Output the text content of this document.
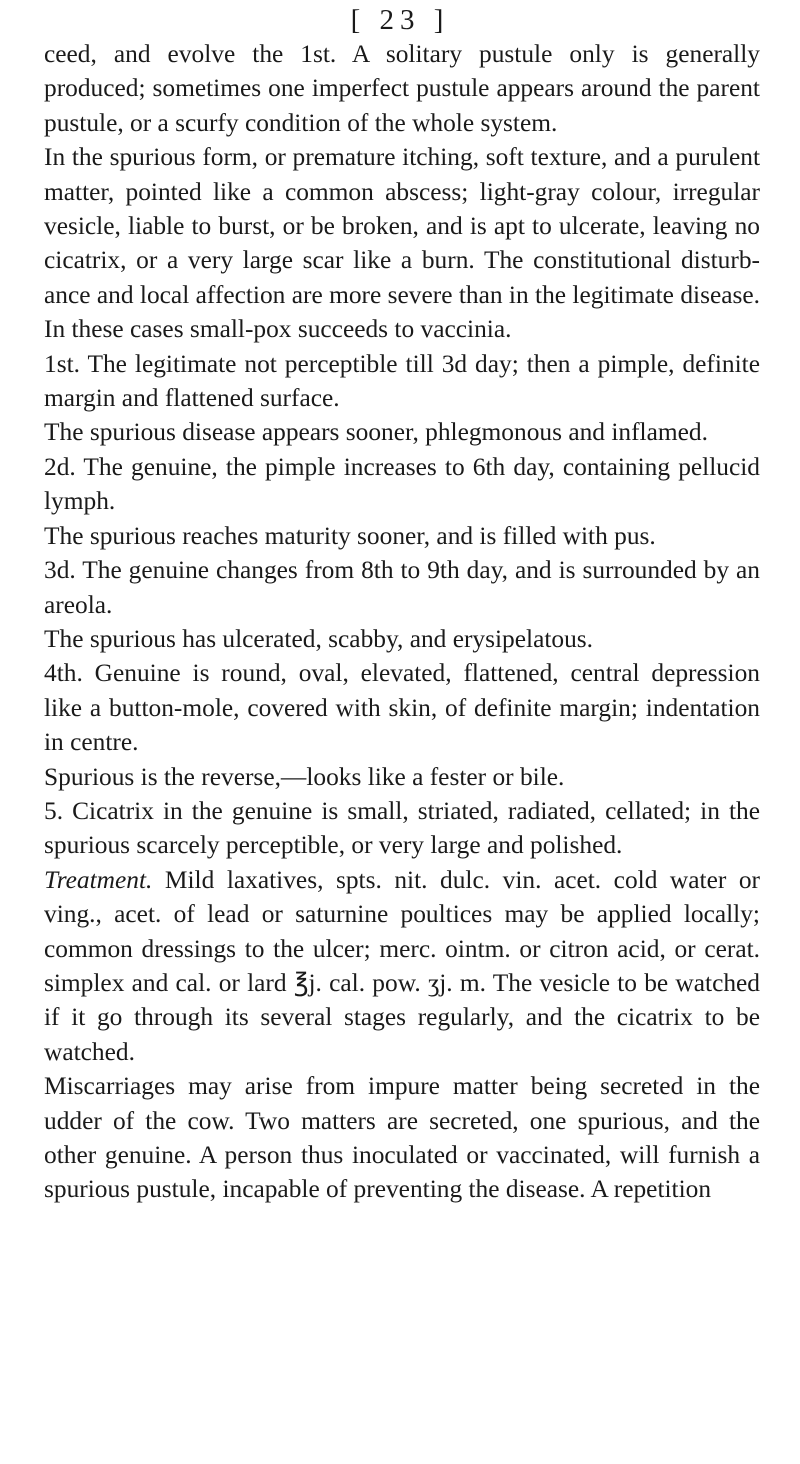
[ 23 ]

ceed, and evolve the 1st. A solitary pustule only is generally produced; sometimes one imperfect pustule appears around the parent pustule, or a scurfy condition of the whole system.

In the spurious form, or premature itching, soft texture, and a purulent matter, pointed like a common abscess; light-gray colour, irregular vesicle, liable to burst, or be broken, and is apt to ulcerate, leaving no cicatrix, or a very large scar like a burn. The constitutional disturbance and local affection are more severe than in the legitimate disease. In these cases small-pox succeeds to vaccinia.

1st. The legitimate not perceptible till 3d day; then a pimple, definite margin and flattened surface.

The spurious disease appears sooner, phlegmonous and inflamed.

2d. The genuine, the pimple increases to 6th day, containing pellucid lymph.

The spurious reaches maturity sooner, and is filled with pus.

3d. The genuine changes from 8th to 9th day, and is surrounded by an areola.

The spurious has ulcerated, scabby, and erysipelatous.

4th. Genuine is round, oval, elevated, flattened, central depression like a button-mole, covered with skin, of definite margin; indentation in centre.

Spurious is the reverse,—looks like a fester or bile.

5. Cicatrix in the genuine is small, striated, radiated, cellated; in the spurious scarcely perceptible, or very large and polished.

Treatment. Mild laxatives, spts. nit. dulc. vin. acet. cold water or ving., acet. of lead or saturnine poultices may be applied locally; common dressings to the ulcer; merc. ointm. or citron acid, or cerat. simplex and cal. or lard ℥j. cal. pow. ʒj. m. The vesicle to be watched if it go through its several stages regularly, and the cicatrix to be watched.

Miscarriages may arise from impure matter being secreted in the udder of the cow. Two matters are secreted, one spurious, and the other genuine. A person thus inoculated or vaccinated, will furnish a spurious pustule, incapable of preventing the disease. A repetition
